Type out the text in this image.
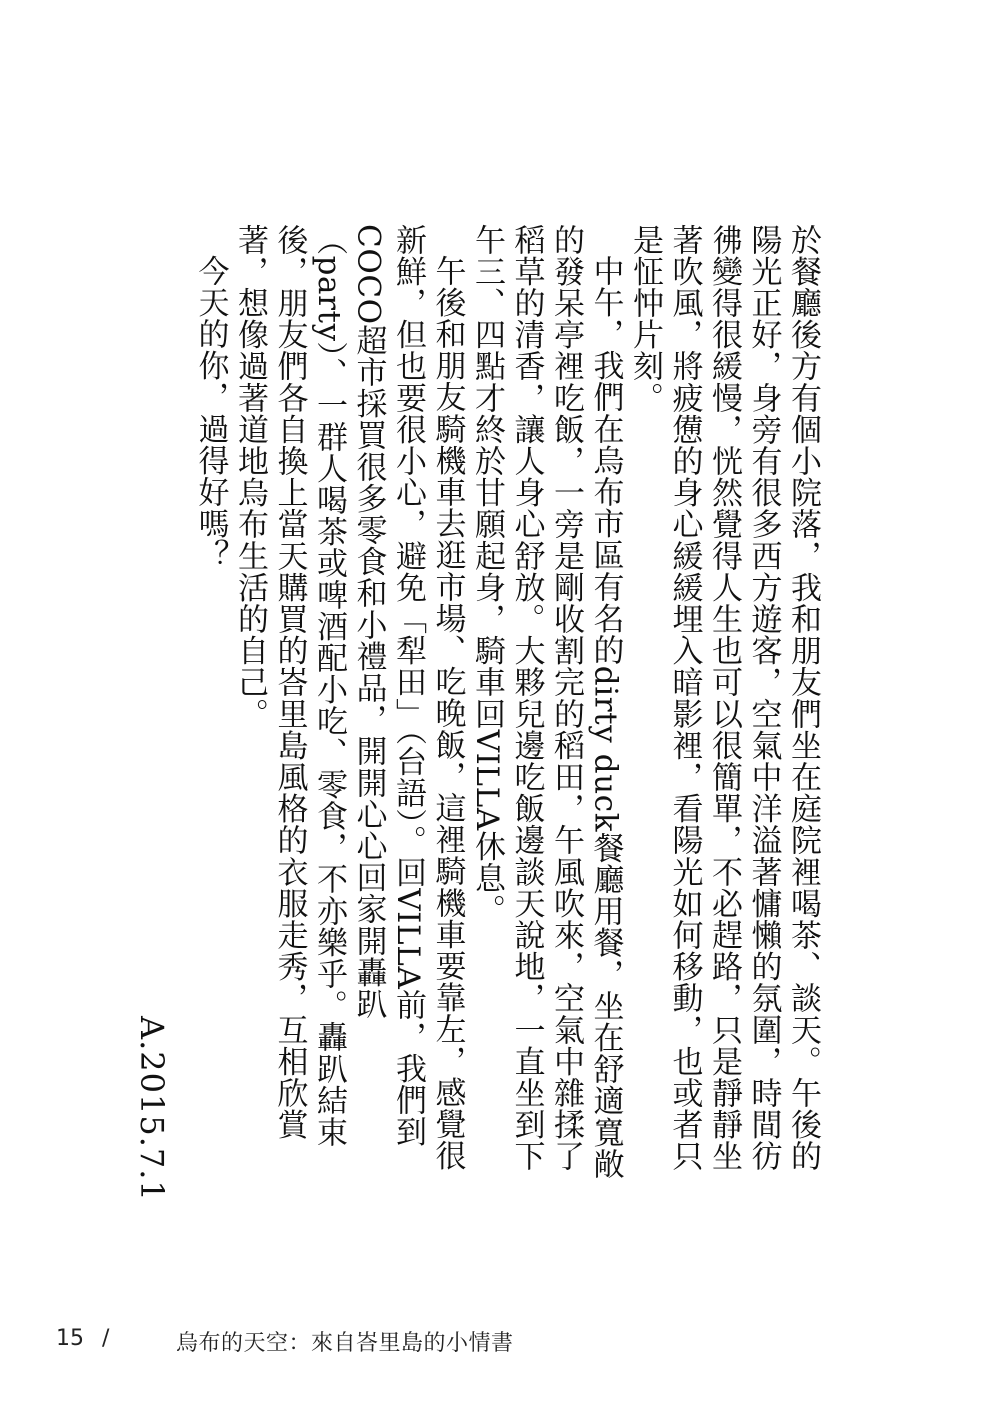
於餐廳後方有個小院落，我和朋友們坐在庭院裡喝茶、談天。午後的陽光正好，身旁有很多西方遊客，空氣中洋溢著慵懶的氛圍，時間彷彿變得很緩慢，恍然覺得人生也可以很簡單，不必趕路，只是靜靜坐著吹風，將疲憊的身心緩緩埋入暗影裡，看陽光如何移動，也或者只是怔忡片刻。

中午，我們在烏布市區有名的dirty duck餐廳用餐，坐在舒適寬敞的發呆亭裡吃飯，一旁是剛收割完的稻田，午風吹來，空氣中雜揉了稻草的清香，讓人身心舒放。大夥兒邊吃飯邊談天說地，一直坐到下午三、四點才終於甘願起身，騎車回VILLA休息。

午後和朋友騎機車去逛市場、吃晚飯，這裡騎機車要靠左，感覺很新鮮，但也要很小心，避免「犁田」（台語）。回VILLA前，我們到COCO超市採買很多零食和小禮品，開開心心回家開轟趴（party）、一群人喝茶或啤酒配小吃、零食，不亦樂乎。轟趴結束後，朋友們各自換上當天購買的峇里島風格的衣服走秀，互相欣賞著，想像過著道地烏布生活的自己。

今天的你，過得好嗎？

A.2015.7.1
15 /	烏布的天空：來自峇里島的小情書
